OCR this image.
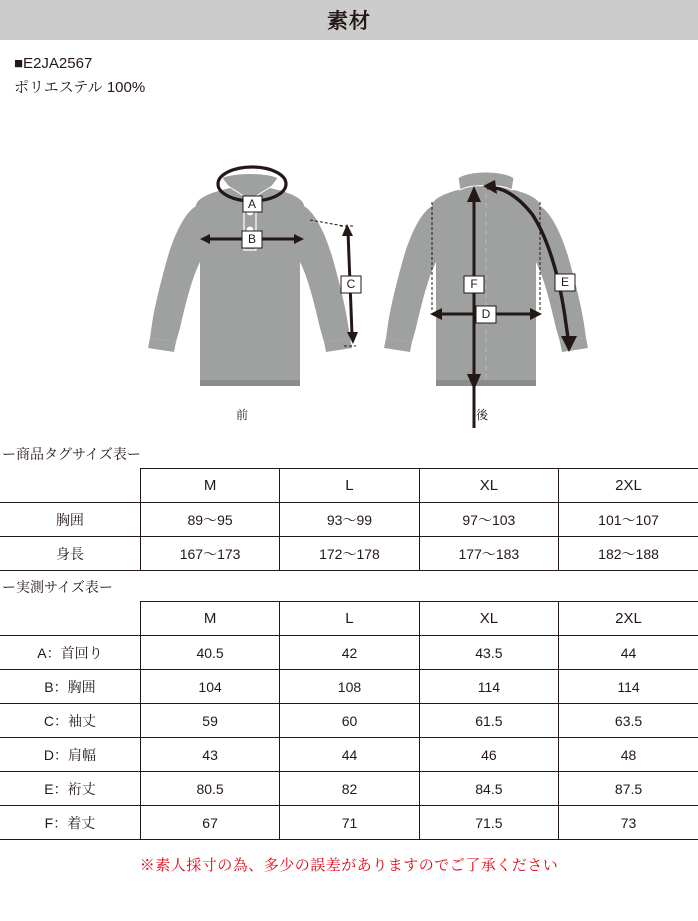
素材
■E2JA2567
ポリエステル 100%
A
B
C
D
F	E
前	後
ー商品タグサイズ表ー
	M	L	XL	2XL
胸囲	89〜95	93〜99	97〜103	101〜107
身長	167〜173	172〜178	177〜183	182〜188
ー実測サイズ表ー
	M	L	XL	2XL
A：首回り	40.5	42	43.5	44
B：胸囲	104	108	114	114
C：袖丈	59	60	61.5	63.5
D：肩幅	43	44	46	48
E：裄丈	80.5	82	84.5	87.5
F：着丈	67	71	71.5	73
※素人採寸の為、多少の誤差がありますのでご了承ください
